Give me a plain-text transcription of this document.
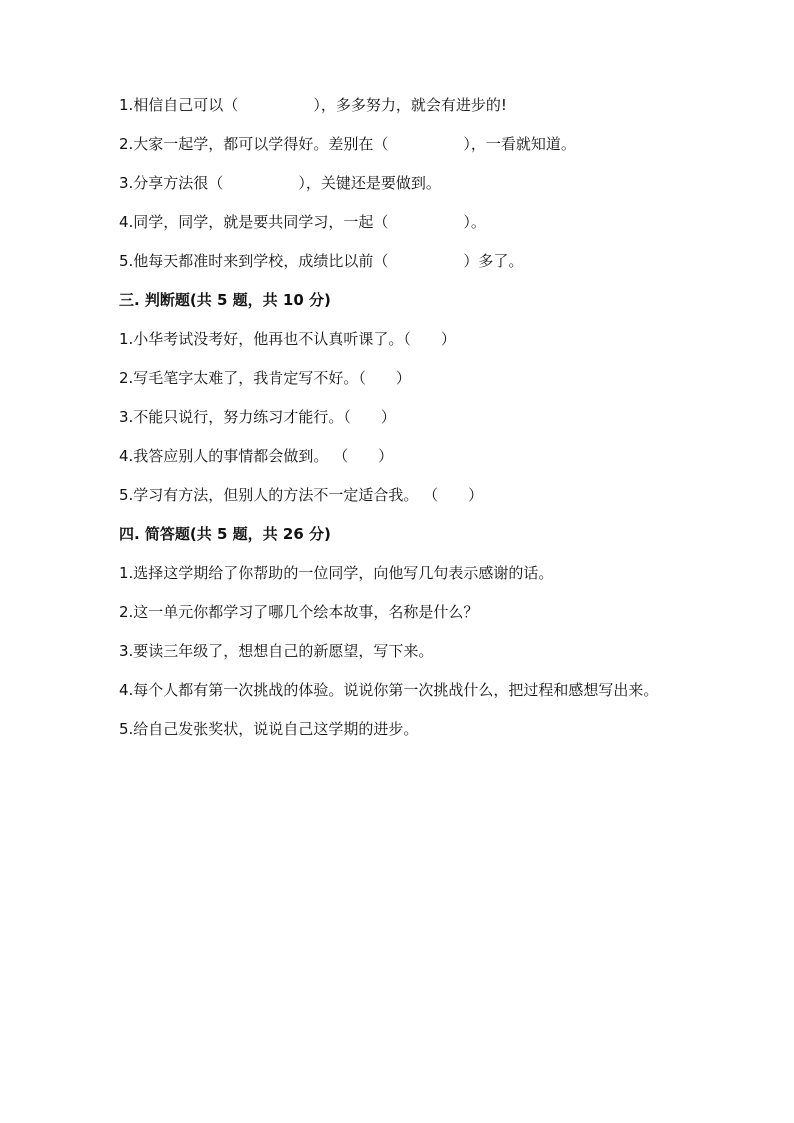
1.相信自己可以（　　　　　），多多努力，就会有进步的!

2.大家一起学，都可以学得好。差别在（　　　　　），一看就知道。

3.分享方法很（　　　　　），关键还是要做到。

4.同学，同学，就是要共同学习，一起（　　　　　）。

5.他每天都准时来到学校，成绩比以前（　　　　　）多了。

三. 判断题(共 5 题，共 10 分)

1.小华考试没考好，他再也不认真听课了。（　　）

2.写毛笔字太难了，我肯定写不好。（　　）

3.不能只说行，努力练习才能行。（　　）

4.我答应别人的事情都会做到。 （　　）

5.学习有方法，但别人的方法不一定适合我。 （　　）

四. 简答题(共 5 题，共 26 分)

1.选择这学期给了你帮助的一位同学，向他写几句表示感谢的话。

2.这一单元你都学习了哪几个绘本故事，名称是什么？

3.要读三年级了，想想自己的新愿望，写下来。

4.每个人都有第一次挑战的体验。说说你第一次挑战什么，把过程和感想写出来。

5.给自己发张奖状，说说自己这学期的进步。
